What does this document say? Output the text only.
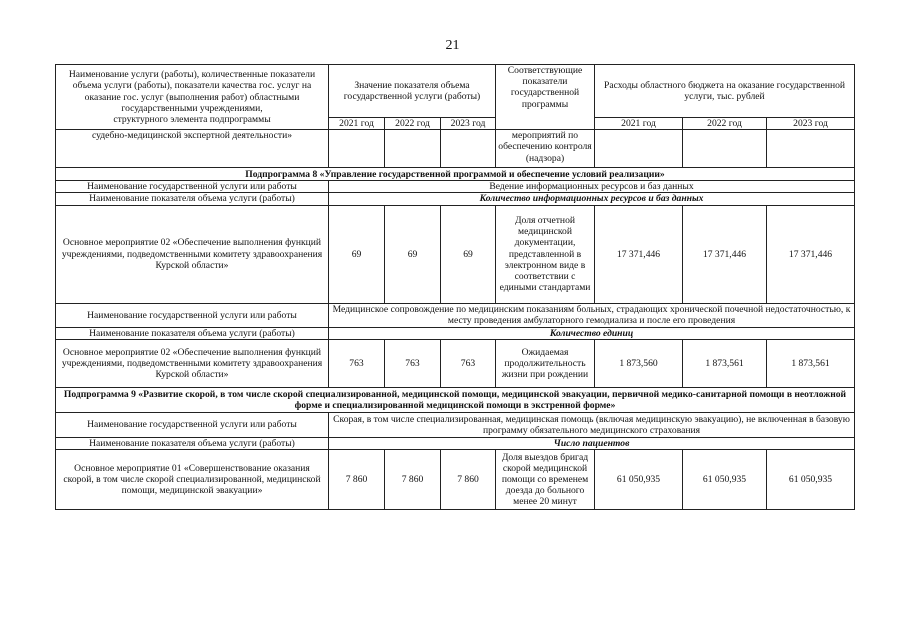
21
Наименование услуги (работы), количественные показатели объема услуги (работы), показатели качества гос. услуг на оказание гос. услуг (выполнения работ) областными государственными учреждениями,
структурного элемента подпрограммы	Значение показателя объема государственной услуги (работы)			Соответствующие показатели государственной программы	Расходы областного бюджета на оказание государственной услуги, тыс. рублей		
	2021 год	2022 год	2023 год		2021 год	2022 год	2023 год
судебно-медицинской экспертной деятельности»				мероприятий по обеспечению контроля (надзора)			
Подпрограмма 8 «Управление государственной программой и обеспечение условий реализации»							
Наименование государственной услуги или работы	Ведение информационных ресурсов и баз данных						
Наименование показателя объема услуги (работы)	Количество информационных ресурсов и баз данных						
Основное мероприятие 02 «Обеспечение выполнения функций учреждениями, подведомственными комитету здравоохранения Курской области»	69	69	69	Доля отчетной медицинской документации, представленной в электронном виде в соответствии с едиными стандартами	17 371,446	17 371,446	17 371,446
Наименование государственной услуги или работы	Медицинское сопровождение по медицинским показаниям больных, страдающих хронической почечной недостаточностью, к месту проведения амбулаторного гемодиализа и после его проведения						
Наименование показателя объема услуги (работы)	Количество единиц						
Основное мероприятие 02 «Обеспечение выполнения функций учреждениями, подведомственными комитету здравоохранения Курской области»	763	763	763	Ожидаемая продолжительность жизни при рождении	1 873,560	1 873,561	1 873,561
Подпрограмма 9 «Развитие скорой, в том числе скорой специализированной, медицинской помощи, медицинской эвакуации, первичной медико-санитарной помощи в неотложной форме и специализированной медицинской помощи в экстренной форме»							
Наименование государственной услуги или работы	Скорая, в том числе специализированная, медицинская помощь (включая медицинскую эвакуацию), не включенная в базовую программу обязательного медицинского страхования						
Наименование показателя объема услуги (работы)	Число пациентов						
Основное мероприятие 01 «Совершенствование оказания скорой, в том числе скорой специализированной, медицинской помощи, медицинской эвакуации»	7 860	7 860	7 860	Доля выездов бригад скорой медицинской помощи со временем доезда до больного менее 20 минут	61 050,935	61 050,935	61 050,935
